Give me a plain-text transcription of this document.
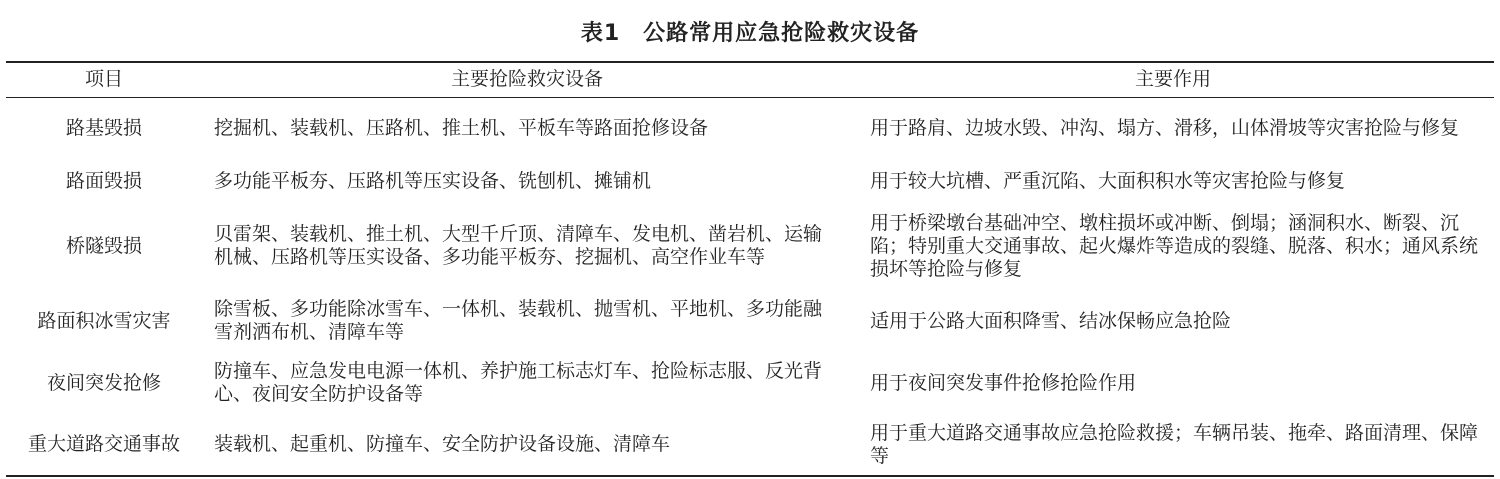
表1　公路常用应急抢险救灾设备
项目	主要抢险救灾设备	主要作用
路基毁损	挖掘机、装载机、压路机、推土机、平板车等路面抢修设备	用于路肩、边坡水毁、冲沟、塌方、滑移，山体滑坡等灾害抢险与修复
路面毁损	多功能平板夯、压路机等压实设备、铣刨机、摊铺机	用于较大坑槽、严重沉陷、大面积积水等灾害抢险与修复
桥隧毁损	贝雷架、装载机、推土机、大型千斤顶、清障车、发电机、凿岩机、运输机械、压路机等压实设备、多功能平板夯、挖掘机、高空作业车等	用于桥梁墩台基础冲空、墩柱损坏或冲断、倒塌；涵洞积水、断裂、沉陷；特别重大交通事故、起火爆炸等造成的裂缝、脱落、积水；通风系统损坏等抢险与修复
路面积冰雪灾害	除雪板、多功能除冰雪车、一体机、装载机、抛雪机、平地机、多功能融雪剂洒布机、清障车等	适用于公路大面积降雪、结冰保畅应急抢险
夜间突发抢修	防撞车、应急发电电源一体机、养护施工标志灯车、抢险标志服、反光背心、夜间安全防护设备等	用于夜间突发事件抢修抢险作用
重大道路交通事故	装载机、起重机、防撞车、安全防护设备设施、清障车	用于重大道路交通事故应急抢险救援；车辆吊装、拖牵、路面清理、保障等
